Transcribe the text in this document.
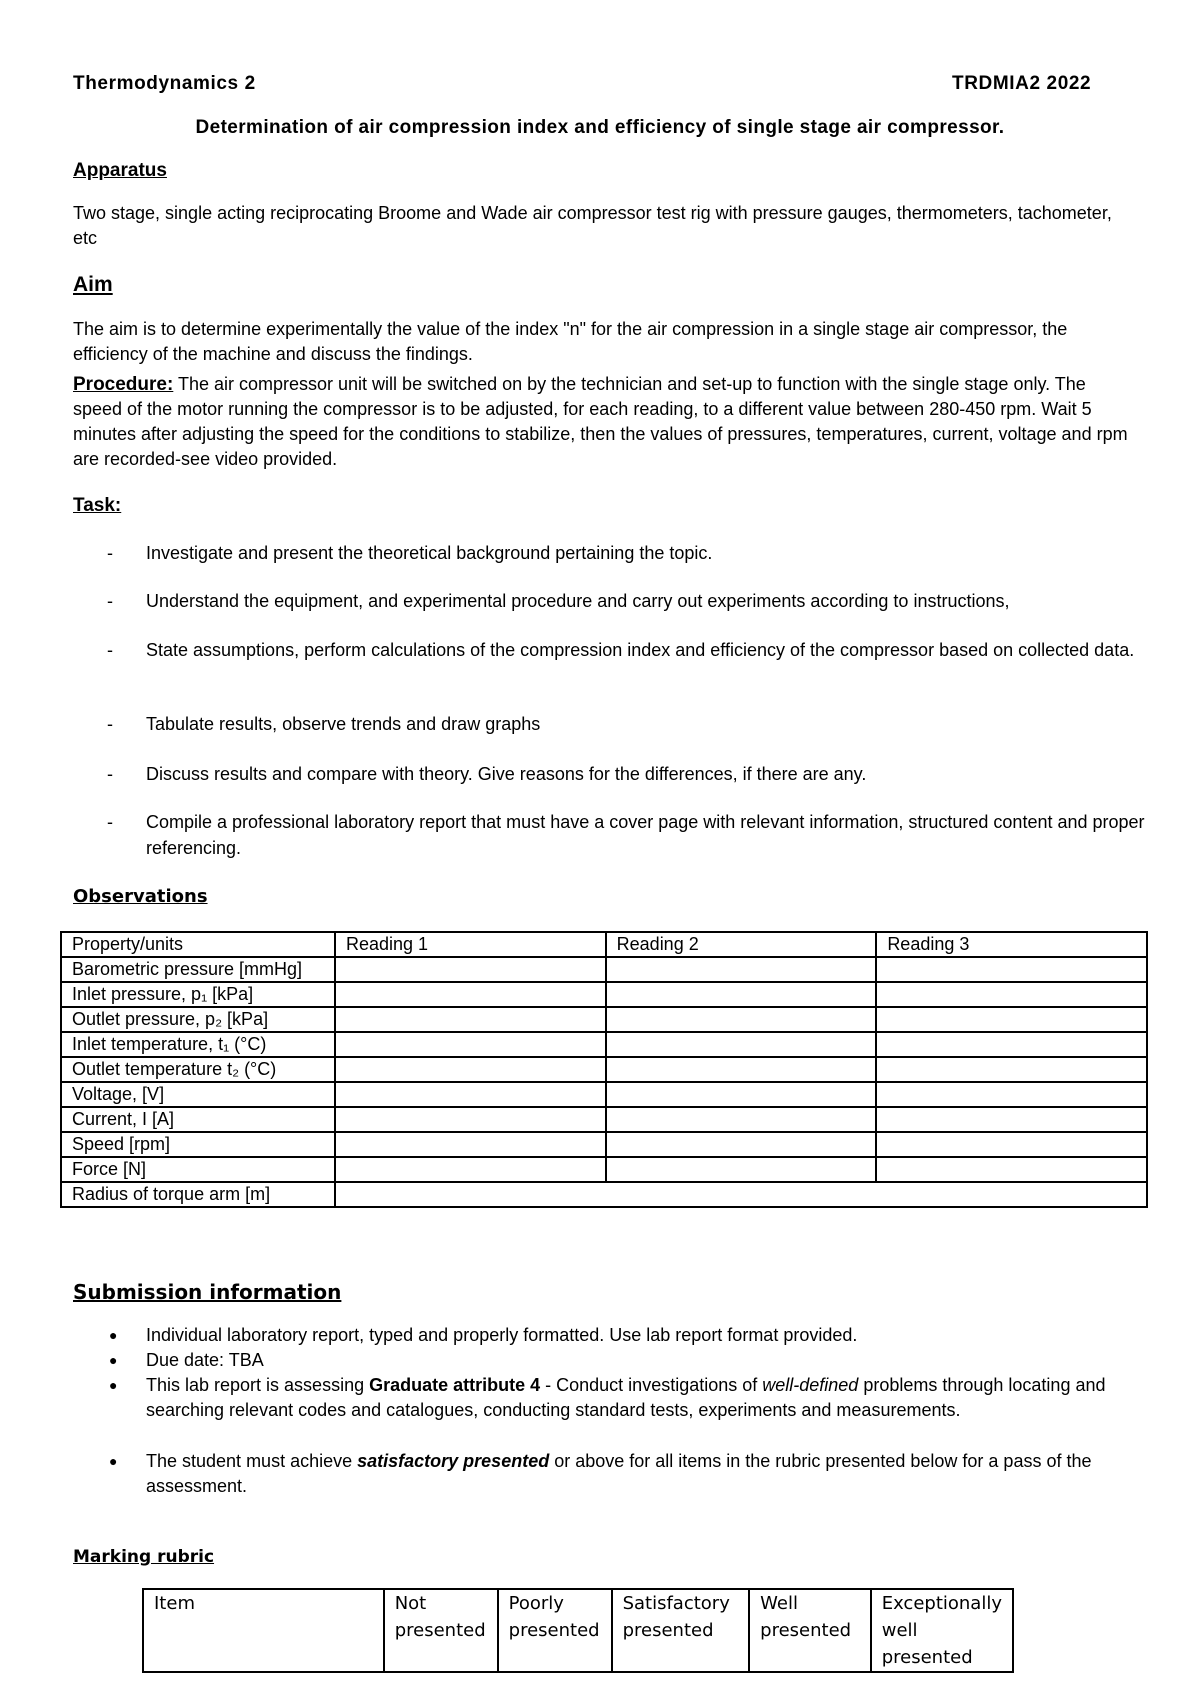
Thermodynamics 2	TRDMIA2 2022
Determination of air compression index and efficiency of single stage air compressor.
Apparatus
Two stage, single acting reciprocating Broome and Wade air compressor test rig with pressure gauges, thermometers, tachometer, etc
Aim
The aim is to determine experimentally the value of the index "n" for the air compression in a single stage air compressor, the efficiency of the machine and discuss the findings.
Procedure: The air compressor unit will be switched on by the technician and set-up to function with the single stage only. The speed of the motor running the compressor is to be adjusted, for each reading, to a different value between 280-450 rpm. Wait 5 minutes after adjusting the speed for the conditions to stabilize, then the values of pressures, temperatures, current, voltage and rpm are recorded-see video provided.
Task:
- Investigate and present the theoretical background pertaining the topic.
- Understand the equipment, and experimental procedure and carry out experiments according to instructions,
- State assumptions, perform calculations of the compression index and efficiency of the compressor based on collected data.
- Tabulate results, observe trends and draw graphs
- Discuss results and compare with theory. Give reasons for the differences, if there are any.
- Compile a professional laboratory report that must have a cover page with relevant information, structured content and proper referencing.
Observations
Property/units	Reading 1	Reading 2	Reading 3
Barometric pressure [mmHg]			
Inlet pressure, p₁ [kPa]			
Outlet pressure, p₂ [kPa]			
Inlet temperature, t₁ (°C)			
Outlet temperature t₂ (°C)			
Voltage, [V]			
Current, I [A]			
Speed [rpm]			
Force [N]			
Radius of torque arm [m]			
Submission information
● Individual laboratory report, typed and properly formatted. Use lab report format provided.
● Due date: TBA
● This lab report is assessing Graduate attribute 4 - Conduct investigations of well-defined problems through locating and searching relevant codes and catalogues, conducting standard tests, experiments and measurements.
● The student must achieve satisfactory presented or above for all items in the rubric presented below for a pass of the assessment.
Marking rubric
Item	Not presented	Poorly presented	Satisfactory presented	Well presented	Exceptionally well presented
